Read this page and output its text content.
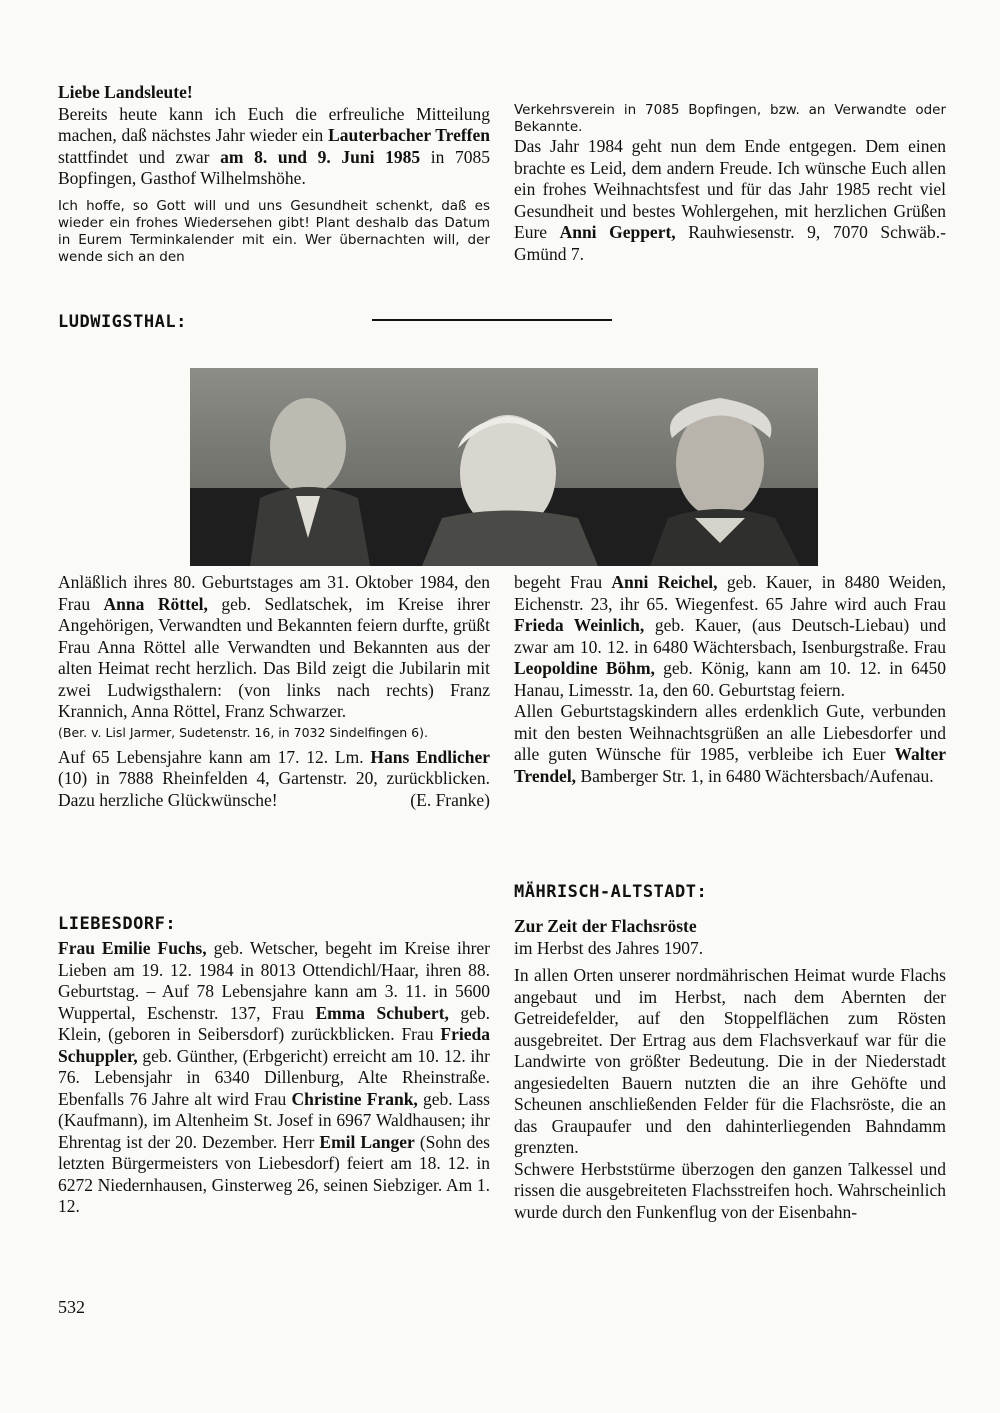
Liebe Landsleute!

Bereits heute kann ich Euch die erfreuliche Mitteilung machen, daß nächstes Jahr wieder ein Lauterbacher Treffen stattfindet und zwar am 8. und 9. Juni 1985 in 7085 Bopfingen, Gasthof Wilhelmshöhe.

Ich hoffe, so Gott will und uns Gesundheit schenkt, daß es wieder ein frohes Wiedersehen gibt! Plant deshalb das Datum in Eurem Terminkalender mit ein. Wer übernachten will, der wende sich an den

Verkehrsverein in 7085 Bopfingen, bzw. an Verwandte oder Bekannte.

Das Jahr 1984 geht nun dem Ende entgegen. Dem einen brachte es Leid, dem andern Freude. Ich wünsche Euch allen ein frohes Weihnachtsfest und für das Jahr 1985 recht viel Gesundheit und bestes Wohlergehen, mit herzlichen Grüßen Eure Anni Geppert, Rauhwiesenstr. 9, 7070 Schwäb.-Gmünd 7.

LUDWIGSTHAL:

Anläßlich ihres 80. Geburtstages am 31. Oktober 1984, den Frau Anna Röttel, geb. Sedlatschek, im Kreise ihrer Angehörigen, Verwandten und Bekannten feiern durfte, grüßt Frau Anna Röttel alle Verwandten und Bekannten aus der alten Heimat recht herzlich. Das Bild zeigt die Jubilarin mit zwei Ludwigsthalern: (von links nach rechts) Franz Krannich, Anna Röttel, Franz Schwarzer.

(Ber. v. Lisl Jarmer, Sudetenstr. 16, in 7032 Sindelfingen 6).

Auf 65 Lebensjahre kann am 17. 12. Lm. Hans Endlicher (10) in 7888 Rheinfelden 4, Gartenstr. 20, zurückblicken. Dazu herzliche Glückwünsche!	(E. Franke)

LIEBESDORF:

Frau Emilie Fuchs, geb. Wetscher, begeht im Kreise ihrer Lieben am 19. 12. 1984 in 8013 Ottendichl/Haar, ihren 88. Geburtstag. – Auf 78 Lebensjahre kann am 3. 11. in 5600 Wuppertal, Eschenstr. 137, Frau Emma Schubert, geb. Klein, (geboren in Seibersdorf) zurückblicken. Frau Frieda Schuppler, geb. Günther, (Erbgericht) erreicht am 10. 12. ihr 76. Lebensjahr in 6340 Dillenburg, Alte Rheinstraße. Ebenfalls 76 Jahre alt wird Frau Christine Frank, geb. Lass (Kaufmann), im Altenheim St. Josef in 6967 Waldhausen; ihr Ehrentag ist der 20. Dezember. Herr Emil Langer (Sohn des letzten Bürgermeisters von Liebesdorf) feiert am 18. 12. in 6272 Niedernhausen, Ginsterweg 26, seinen Siebziger. Am 1. 12.

begeht Frau Anni Reichel, geb. Kauer, in 8480 Weiden, Eichenstr. 23, ihr 65. Wiegenfest. 65 Jahre wird auch Frau Frieda Weinlich, geb. Kauer, (aus Deutsch-Liebau) und zwar am 10. 12. in 6480 Wächtersbach, Isenburgstraße. Frau Leopoldine Böhm, geb. König, kann am 10. 12. in 6450 Hanau, Limesstr. 1a, den 60. Geburtstag feiern.

Allen Geburtstagskindern alles erdenklich Gute, verbunden mit den besten Weihnachtsgrüßen an alle Liebesdorfer und alle guten Wünsche für 1985, verbleibe ich Euer Walter Trendel, Bamberger Str. 1, in 6480 Wächtersbach/Aufenau.

MÄHRISCH-ALTSTADT:

Zur Zeit der Flachsröste

im Herbst des Jahres 1907.

In allen Orten unserer nordmährischen Heimat wurde Flachs angebaut und im Herbst, nach dem Abernten der Getreidefelder, auf den Stoppelflächen zum Rösten ausgebreitet. Der Ertrag aus dem Flachsverkauf war für die Landwirte von größter Bedeutung. Die in der Niederstadt angesiedelten Bauern nutzten die an ihre Gehöfte und Scheunen anschließenden Felder für die Flachsröste, die an das Graupaufer und den dahinterliegenden Bahndamm grenzten.

Schwere Herbststürme überzogen den ganzen Talkessel und rissen die ausgebreiteten Flachsstreifen hoch. Wahrscheinlich wurde durch den Funkenflug von der Eisenbahn-

532
